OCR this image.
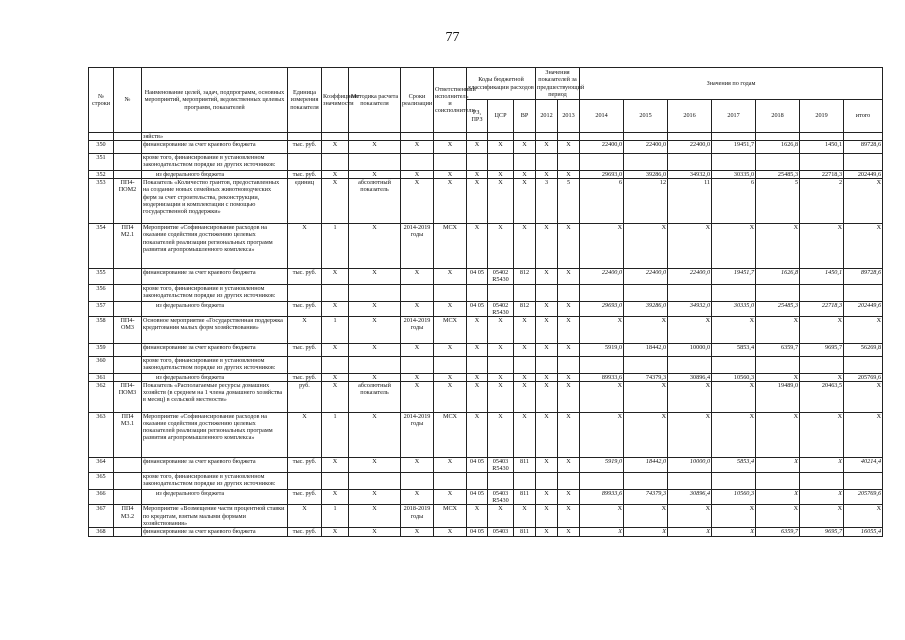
77
№ строки	№	Наименование целей, задач, подпрограмм, основных мероприятий, мероприятий, ведомственных целевых программ, показателей	Единица измерения показателя	Коэффициент значимости	Методика расчета показателя	Сроки реализации	Ответственный исполнитель и соисполнители	Коды бюджетной классификации расходов			Значения показателей за предшествующий период		Значения по годам						
								РЗ, ПРЗ	ЦСР	ВР	2012	2013	2014	2015	2016	2017	2018	2019	итого
		зяйств»																	
350		финансирование за счет краевого бюджета	тыс. руб.	X	X	X	X	X	X	X	X	X	22400,0	22400,0	22400,0	19451,7	1626,8	1450,1	89728,6
351		кроме того, финансирование в установленном законодательством порядке из других источников:																	
352		из федерального бюджета	тыс. руб.	X	X	X	X	X	X	X	X	X	29693,0	39286,0	34932,0	30335,0	25485,3	22718,3	202449,6
353	ПП4-ПОМ2	Показатель «Количество грантов, предоставленных на создание новых семейных животноводческих ферм за счет строительства, реконструкции, модернизации и комплектации с помощью государственной поддержки»	единиц	X	абсолютный показатель	X	X	X	X	X	3	5	6	12	11	6	5	2	X
354	ПП4 М2.1	Мероприятие «Софинансирование расходов на оказание содействия достижению целевых показателей реализации региональных программ развития агропромышленного комплекса»	X	1	X	2014-2019 годы	МСХ	X	X	X	X	X	X	X	X	X	X	X	X
355		финансирование за счет краевого бюджета	тыс. руб.	X	X	X	X	04 05	05402 R5430	812	X	X	22400,0	22400,0	22400,0	19451,7	1626,8	1450,1	89728,6
356		кроме того, финансирование в установленном законодательством порядке из других источников:																	
357		из федерального бюджета	тыс. руб.	X	X	X	X	04 05	05402 R5430	812	X	X	29693,0	39286,0	34932,0	30335,0	25485,3	22718,3	202449,6
358	ПП4-ОМ3	Основное мероприятие «Государственная поддержка кредитования малых форм хозяйствования»	X	1	X	2014-2019 годы	МСХ	X	X	X	X	X	X	X	X	X	X	X	X
359		финансирование за счет краевого бюджета	тыс. руб.	X	X	X	X	X	X	X	X	X	5919,0	18442,0	10000,0	5853,4	6359,7	9695,7	56269,8
360		кроме того, финансирование в установленном законодательством порядке из других источников:																	
361		из федерального бюджета	тыс. руб.	X	X	X	X	X	X	X	X	X	89933,6	74379,3	30896,4	10560,3	X	X	205769,6
362	ПП4-ПОМ3	Показатель «Располагаемые ресурсы домашних хозяйств (в среднем на 1 члена домашнего хозяйства в месяц) в сельской местности»	руб.	X	абсолютный показатель	X	X	X	X	X	X	X	X	X	X	X	19489,0	20463,5	X
363	ПП4 М3.1	Мероприятие «Софинансирование расходов на оказание содействия достижению целевых показателей реализации региональных программ развития агропромышленного комплекса»	X	1	X	2014-2019 годы	МСХ	X	X	X	X	X	X	X	X	X	X	X	X
364		финансирование за счет краевого бюджета	тыс. руб.	X	X	X	X	04 05	05403 R5430	811	X	X	5919,0	18442,0	10000,0	5853,4	X	X	40214,4
365		кроме того, финансирование в установленном законодательством порядке из других источников:																	
366		из федерального бюджета	тыс. руб.	X	X	X	X	04 05	05403 R5430	811	X	X	89933,6	74379,3	30896,4	10560,3	X	X	205769,6
367	ПП4 М3.2	Мероприятие «Возмещение части процентной ставки по кредитам, взятым малыми формами хозяйствования»	X	1	X	2018-2019 годы	МСХ	X	X	X	X	X	X	X	X	X	X	X	X
368		финансирование за счет краевого бюджета	тыс. руб.	X	X	X	X	04 05	05403	811	X	X	X	X	X	X	6359,7	9695,7	16055,4
